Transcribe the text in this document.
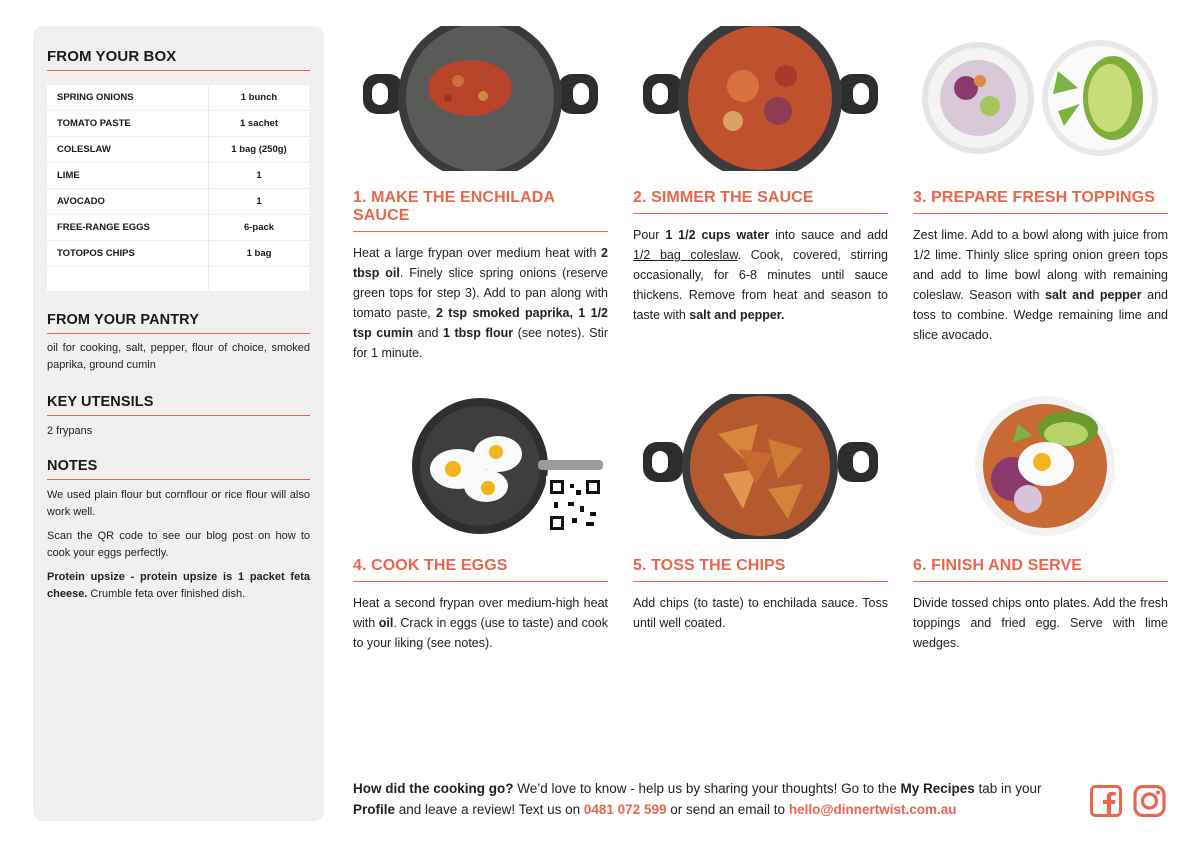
FROM YOUR BOX
SPRING ONIONS	1 bunch
TOMATO PASTE	1 sachet
COLESLAW	1 bag (250g)
LIME	1
AVOCADO	1
FREE-RANGE EGGS	6-pack
TOTOPOS CHIPS	1 bag
FROM YOUR PANTRY
oil for cooking, salt, pepper, flour of choice, smoked paprika, ground cumin
KEY UTENSILS
2 frypans
NOTES
We used plain flour but cornflour or rice flour will also work well.
Scan the QR code to see our blog post on how to cook your eggs perfectly.
Protein upsize - protein upsize is 1 packet feta cheese. Crumble feta over finished dish.
1. MAKE THE ENCHILADA SAUCE
Heat a large frypan over medium heat with 2 tbsp oil. Finely slice spring onions (reserve green tops for step 3). Add to pan along with tomato paste, 2 tsp smoked paprika, 1 1/2 tsp cumin and 1 tbsp flour (see notes). Stir for 1 minute.
2. SIMMER THE SAUCE
Pour 1 1/2 cups water into sauce and add 1/2 bag coleslaw. Cook, covered, stirring occasionally, for 6-8 minutes until sauce thickens. Remove from heat and season to taste with salt and pepper.
3. PREPARE FRESH TOPPINGS
Zest lime. Add to a bowl along with juice from 1/2 lime. Thinly slice spring onion green tops and add to lime bowl along with remaining coleslaw. Season with salt and pepper and toss to combine. Wedge remaining lime and slice avocado.
4. COOK THE EGGS
Heat a second frypan over medium-high heat with oil. Crack in eggs (use to taste) and cook to your liking (see notes).
5. TOSS THE CHIPS
Add chips (to taste) to enchilada sauce. Toss until well coated.
6. FINISH AND SERVE
Divide tossed chips onto plates. Add the fresh toppings and fried egg. Serve with lime wedges.
How did the cooking go? We’d love to know - help us by sharing your thoughts! Go to the My Recipes tab in your Profile and leave a review! Text us on 0481 072 599 or send an email to hello@dinnertwist.com.au
